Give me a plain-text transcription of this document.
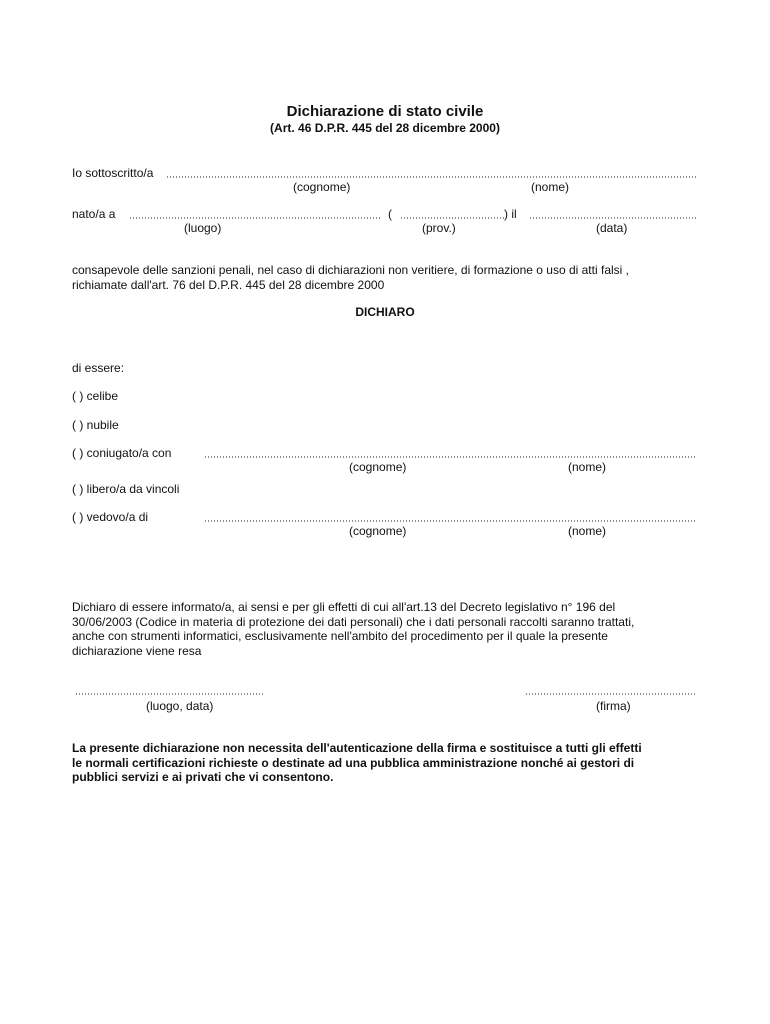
Dichiarazione di stato civile
(Art. 46 D.P.R. 445 del 28 dicembre 2000)
Io sottoscritto/a
(cognome)	(nome)
nato/a a	(	) il
(luogo)	(prov.)	(data)
consapevole delle sanzioni penali, nel caso di dichiarazioni non veritiere, di formazione o uso di atti falsi ,
richiamate dall'art. 76 del D.P.R. 445 del 28 dicembre 2000
DICHIARO
di essere:
( ) celibe
( ) nubile
( ) coniugato/a con
(cognome)	(nome)
( ) libero/a da vincoli
( ) vedovo/a di
(cognome)	(nome)
Dichiaro di essere informato/a, ai sensi e per gli effetti di cui all'art.13 del Decreto legislativo n° 196 del
30/06/2003 (Codice in materia di protezione dei dati personali) che i dati personali raccolti saranno trattati,
anche con strumenti informatici, esclusivamente nell'ambito del procedimento per il quale la presente
dichiarazione viene resa
(luogo, data)	(firma)
La presente dichiarazione non necessita dell'autenticazione della firma e sostituisce a tutti gli effetti
le normali certificazioni richieste o destinate ad una pubblica amministrazione nonché ai gestori di
pubblici servizi e ai privati che vi consentono.
